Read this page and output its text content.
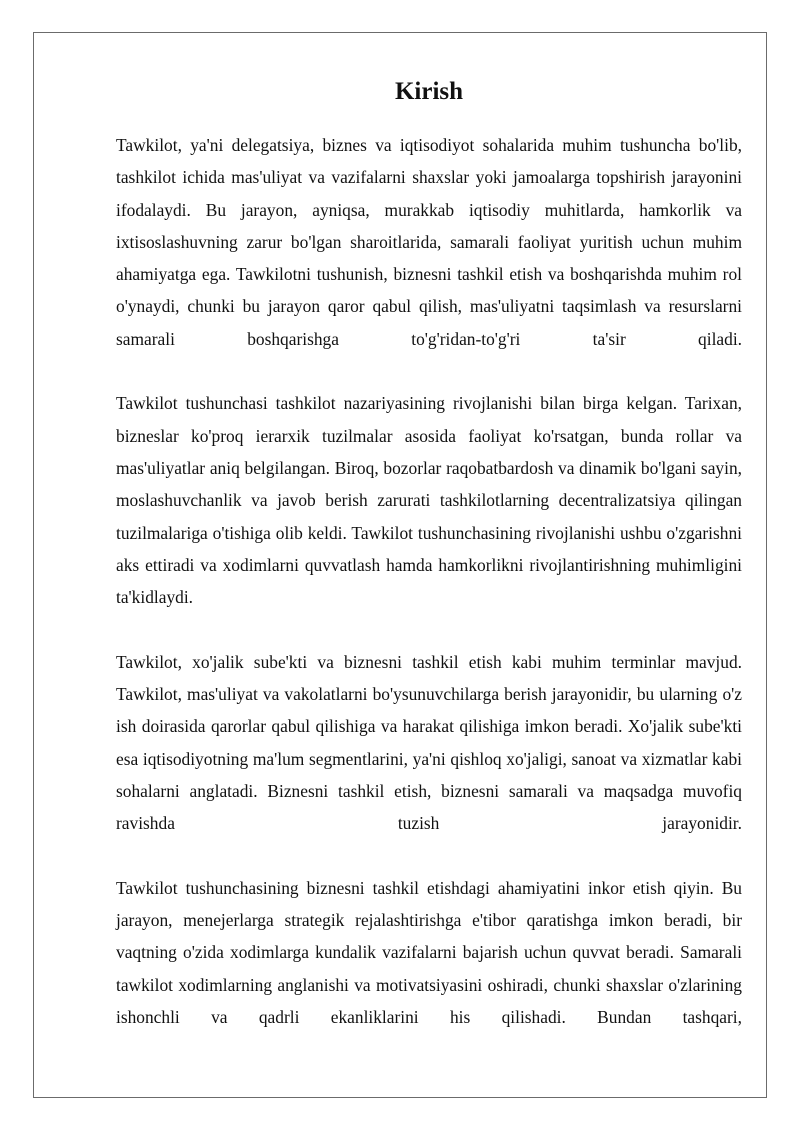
Kirish

Tawkilot, ya'ni delegatsiya, biznes va iqtisodiyot sohalarida muhim tushuncha bo'lib, tashkilot ichida mas'uliyat va vazifalarni shaxslar yoki jamoalarga topshirish jarayonini ifodalaydi. Bu jarayon, ayniqsa, murakkab iqtisodiy muhitlarda, hamkorlik va ixtisoslashuvning zarur bo'lgan sharoitlarida, samarali faoliyat yuritish uchun muhim ahamiyatga ega. Tawkilotni tushunish, biznesni tashkil etish va boshqarishda muhim rol o'ynaydi, chunki bu jarayon qaror qabul qilish, mas'uliyatni taqsimlash va resurslarni samarali boshqarishga to'g'ridan-to'g'ri ta'sir qiladi.

Tawkilot tushunchasi tashkilot nazariyasining rivojlanishi bilan birga kelgan. Tarixan, bizneslar ko'proq ierarxik tuzilmalar asosida faoliyat ko'rsatgan, bunda rollar va mas'uliyatlar aniq belgilangan. Biroq, bozorlar raqobatbardosh va dinamik bo'lgani sayin, moslashuvchanlik va javob berish zarurati tashkilotlarning decentralizatsiya qilingan tuzilmalariga o'tishiga olib keldi. Tawkilot tushunchasining rivojlanishi ushbu o'zgarishni aks ettiradi va xodimlarni quvvatlash hamda hamkorlikni rivojlantirishning muhimligini ta'kidlaydi.

Tawkilot, xo'jalik sube'kti va biznesni tashkil etish kabi muhim terminlar mavjud. Tawkilot, mas'uliyat va vakolatlarni bo'ysunuvchilarga berish jarayonidir, bu ularning o'z ish doirasida qarorlar qabul qilishiga va harakat qilishiga imkon beradi. Xo'jalik sube'kti esa iqtisodiyotning ma'lum segmentlarini, ya'ni qishloq xo'jaligi, sanoat va xizmatlar kabi sohalarni anglatadi. Biznesni tashkil etish, biznesni samarali va maqsadga muvofiq ravishda tuzish jarayonidir.

Tawkilot tushunchasining biznesni tashkil etishdagi ahamiyatini inkor etish qiyin. Bu jarayon, menejerlarga strategik rejalashtirishga e'tibor qaratishga imkon beradi, bir vaqtning o'zida xodimlarga kundalik vazifalarni bajarish uchun quvvat beradi. Samarali tawkilot xodimlarning anglanishi va motivatsiyasini oshiradi, chunki shaxslar o'zlarining ishonchli va qadrli ekanliklarini his qilishadi. Bundan tashqari,
